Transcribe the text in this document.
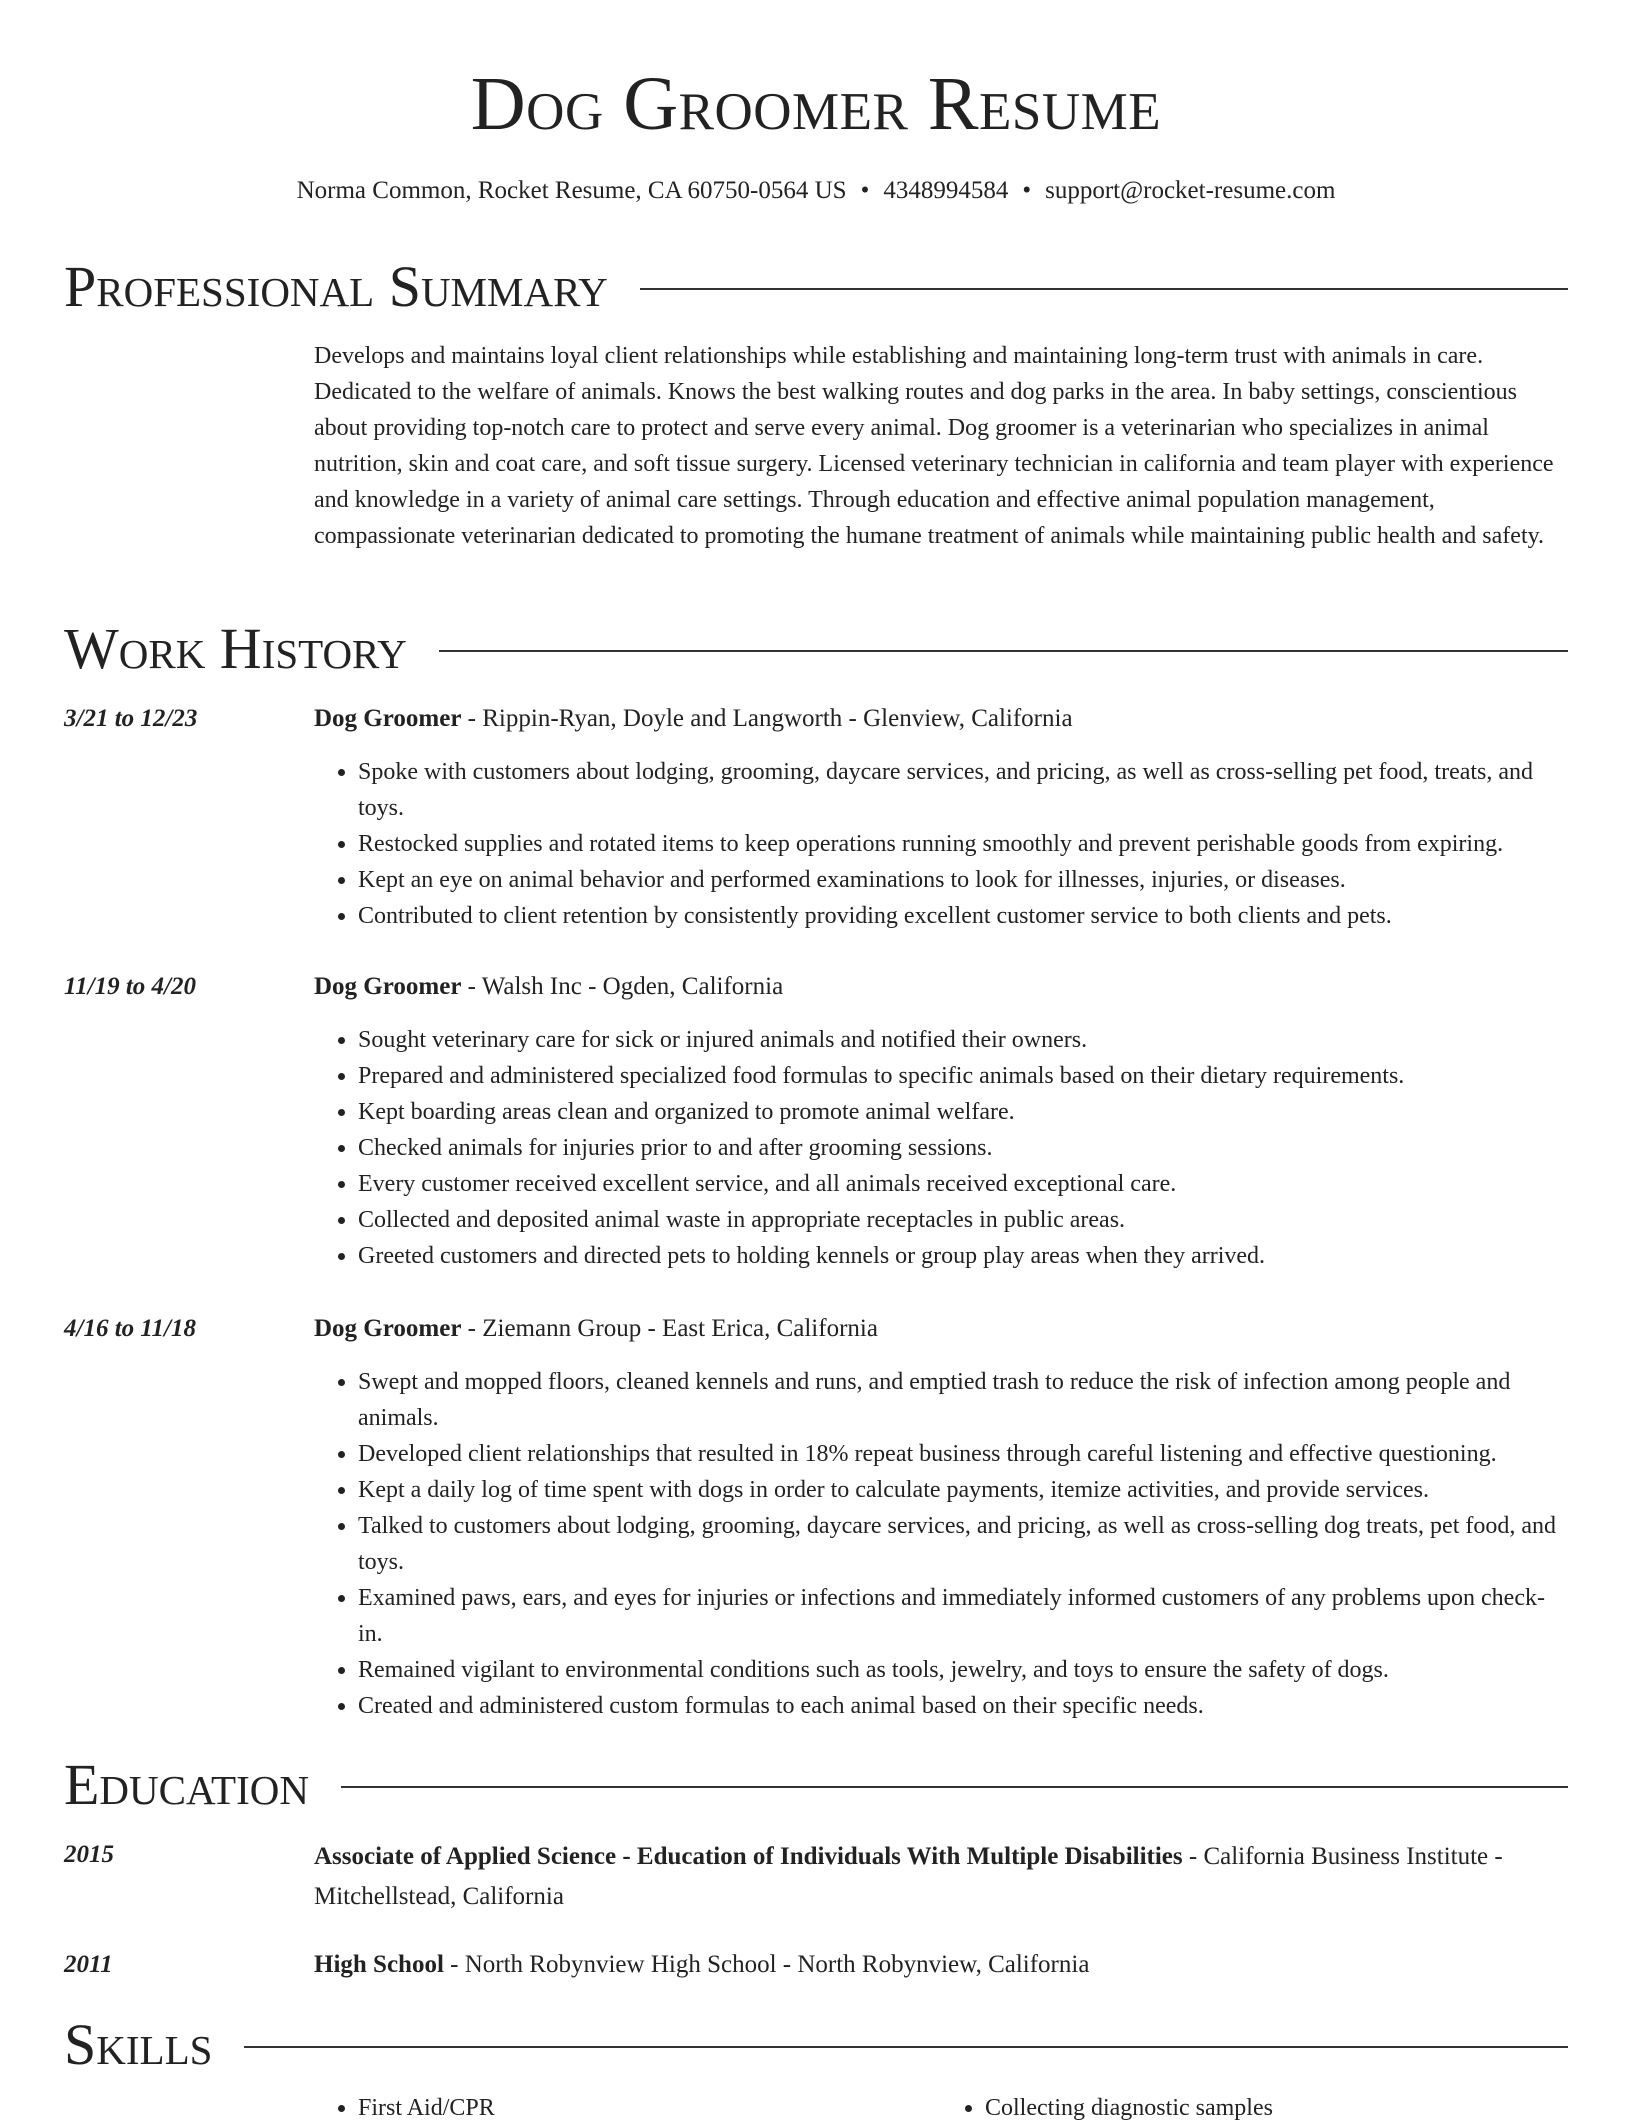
Dog Groomer Resume
Norma Common, Rocket Resume, CA 60750-0564 US • 4348994584 • support@rocket-resume.com
Professional Summary
Develops and maintains loyal client relationships while establishing and maintaining long-term trust with animals in care. Dedicated to the welfare of animals. Knows the best walking routes and dog parks in the area. In baby settings, conscientious about providing top-notch care to protect and serve every animal. Dog groomer is a veterinarian who specializes in animal nutrition, skin and coat care, and soft tissue surgery. Licensed veterinary technician in california and team player with experience and knowledge in a variety of animal care settings. Through education and effective animal population management, compassionate veterinarian dedicated to promoting the humane treatment of animals while maintaining public health and safety.
Work History
3/21 to 12/23	Dog Groomer - Rippin-Ryan, Doyle and Langworth - Glenview, California
• Spoke with customers about lodging, grooming, daycare services, and pricing, as well as cross-selling pet food, treats, and toys.
• Restocked supplies and rotated items to keep operations running smoothly and prevent perishable goods from expiring.
• Kept an eye on animal behavior and performed examinations to look for illnesses, injuries, or diseases.
• Contributed to client retention by consistently providing excellent customer service to both clients and pets.
11/19 to 4/20	Dog Groomer - Walsh Inc - Ogden, California
• Sought veterinary care for sick or injured animals and notified their owners.
• Prepared and administered specialized food formulas to specific animals based on their dietary requirements.
• Kept boarding areas clean and organized to promote animal welfare.
• Checked animals for injuries prior to and after grooming sessions.
• Every customer received excellent service, and all animals received exceptional care.
• Collected and deposited animal waste in appropriate receptacles in public areas.
• Greeted customers and directed pets to holding kennels or group play areas when they arrived.
4/16 to 11/18	Dog Groomer - Ziemann Group - East Erica, California
• Swept and mopped floors, cleaned kennels and runs, and emptied trash to reduce the risk of infection among people and animals.
• Developed client relationships that resulted in 18% repeat business through careful listening and effective questioning.
• Kept a daily log of time spent with dogs in order to calculate payments, itemize activities, and provide services.
• Talked to customers about lodging, grooming, daycare services, and pricing, as well as cross-selling dog treats, pet food, and toys.
• Examined paws, ears, and eyes for injuries or infections and immediately informed customers of any problems upon check-in.
• Remained vigilant to environmental conditions such as tools, jewelry, and toys to ensure the safety of dogs.
• Created and administered custom formulas to each animal based on their specific needs.
Education
2015	Associate of Applied Science - Education of Individuals With Multiple Disabilities - California Business Institute - Mitchellstead, California
2011	High School - North Robynview High School - North Robynview, California
Skills
• First Aid/CPR
•	Collecting diagnostic samples
